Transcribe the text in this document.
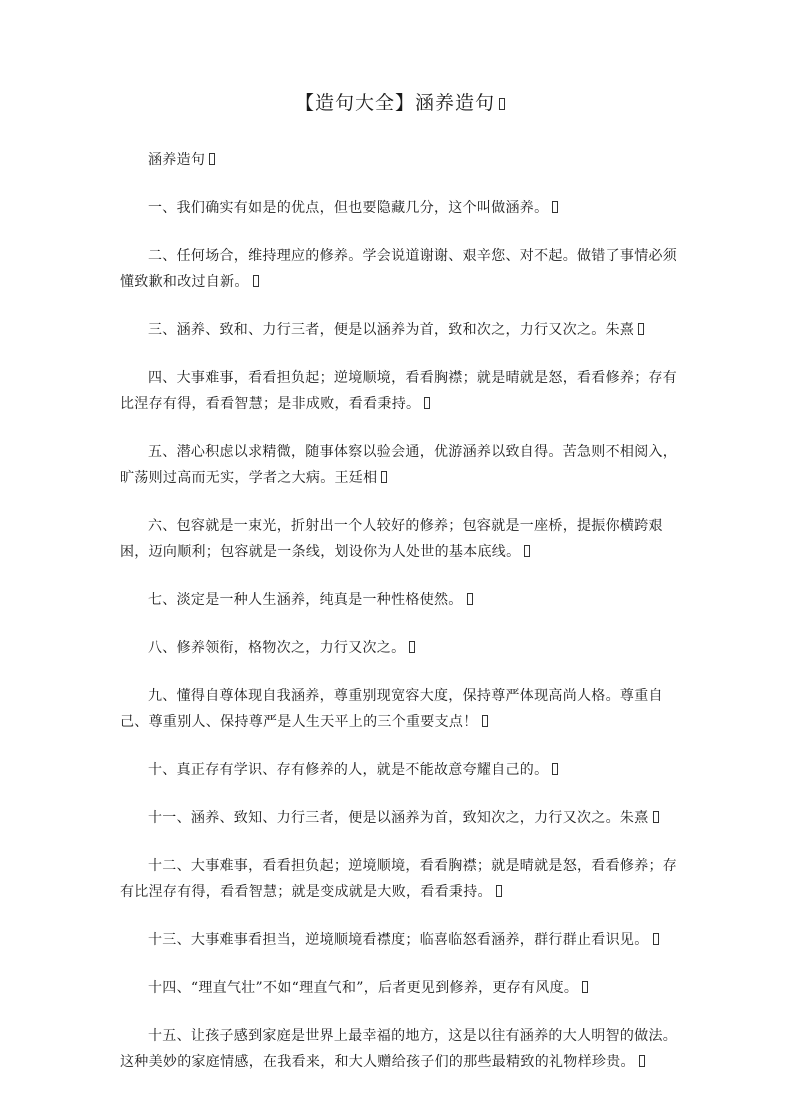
【造句大全】涵养造句

涵养造句

一、我们确实有如是的优点，但也要隐藏几分，这个叫做涵养。

二、任何场合，维持理应的修养。学会说道谢谢、艰辛您、对不起。做错了事情必须懂致歉和改过自新。

三、涵养、致和、力行三者，便是以涵养为首，致和次之，力行又次之。朱熹

四、大事难事，看看担负起；逆境顺境，看看胸襟；就是晴就是怒，看看修养；存有比涅存有得，看看智慧；是非成败，看看秉持。

五、潜心积虑以求精微，随事体察以验会通，优游涵养以致自得。苦急则不相阅入，旷荡则过高而无实，学者之大病。王廷相

六、包容就是一束光，折射出一个人较好的修养；包容就是一座桥，提振你横跨艰困，迈向顺利；包容就是一条线，划设你为人处世的基本底线。

七、淡定是一种人生涵养，纯真是一种性格使然。

八、修养领衔，格物次之，力行又次之。

九、懂得自尊体现自我涵养，尊重别现宽容大度，保持尊严体现高尚人格。尊重自己、尊重别人、保持尊严是人生天平上的三个重要支点！

十、真正存有学识、存有修养的人，就是不能故意夸耀自己的。

十一、涵养、致知、力行三者，便是以涵养为首，致知次之，力行又次之。朱熹

十二、大事难事，看看担负起；逆境顺境，看看胸襟；就是晴就是怒，看看修养；存有比涅存有得，看看智慧；就是变成就是大败，看看秉持。

十三、大事难事看担当，逆境顺境看襟度；临喜临怒看涵养，群行群止看识见。

十四、“理直气壮”不如“理直气和”，后者更见到修养，更存有风度。

十五、让孩子感到家庭是世界上最幸福的地方，这是以往有涵养的大人明智的做法。这种美妙的家庭情感，在我看来，和大人赠给孩子们的那些最精致的礼物样珍贵。
